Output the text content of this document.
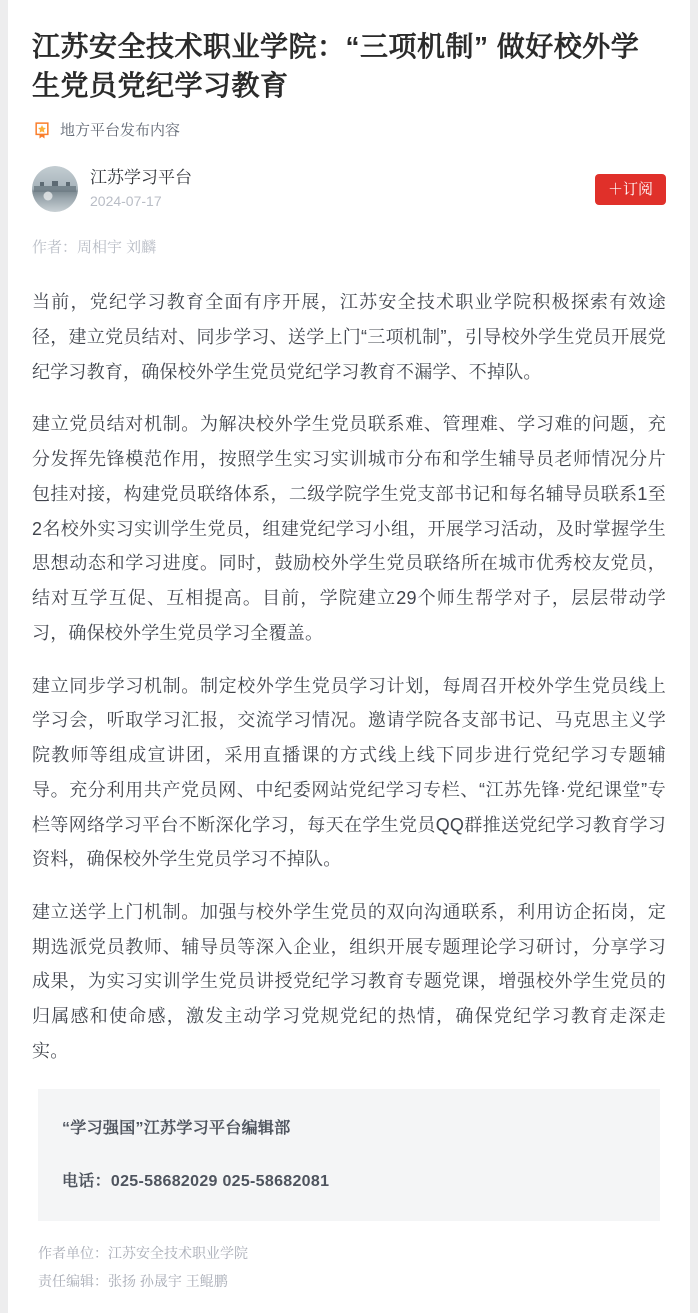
江苏安全技术职业学院：“三项机制” 做好校外学生党员党纪学习教育
地方平台发布内容
江苏学习平台
2024-07-17
＋订阅
作者：周相宇 刘麟

当前，党纪学习教育全面有序开展，江苏安全技术职业学院积极探索有效途径，建立党员结对、同步学习、送学上门“三项机制”，引导校外学生党员开展党纪学习教育，确保校外学生党员党纪学习教育不漏学、不掉队。

建立党员结对机制。为解决校外学生党员联系难、管理难、学习难的问题，充分发挥先锋模范作用，按照学生实习实训城市分布和学生辅导员老师情况分片包挂对接，构建党员联络体系，二级学院学生党支部书记和每名辅导员联系1至2名校外实习实训学生党员，组建党纪学习小组，开展学习活动，及时掌握学生思想动态和学习进度。同时，鼓励校外学生党员联络所在城市优秀校友党员，结对互学互促、互相提高。目前，学院建立29个师生帮学对子，层层带动学习，确保校外学生党员学习全覆盖。

建立同步学习机制。制定校外学生党员学习计划，每周召开校外学生党员线上学习会，听取学习汇报，交流学习情况。邀请学院各支部书记、马克思主义学院教师等组成宣讲团，采用直播课的方式线上线下同步进行党纪学习专题辅导。充分利用共产党员网、中纪委网站党纪学习专栏、“江苏先锋·党纪课堂”专栏等网络学习平台不断深化学习，每天在学生党员QQ群推送党纪学习教育学习资料，确保校外学生党员学习不掉队。

建立送学上门机制。加强与校外学生党员的双向沟通联系，利用访企拓岗，定期选派党员教师、辅导员等深入企业，组织开展专题理论学习研讨，分享学习成果，为实习实训学生党员讲授党纪学习教育专题党课，增强校外学生党员的归属感和使命感，激发主动学习党规党纪的热情，确保党纪学习教育走深走实。

“学习强国”江苏学习平台编辑部

电话：025-58682029 025-58682081

作者单位：江苏安全技术职业学院
责任编辑：张扬 孙晟宇 王鲲鹏
